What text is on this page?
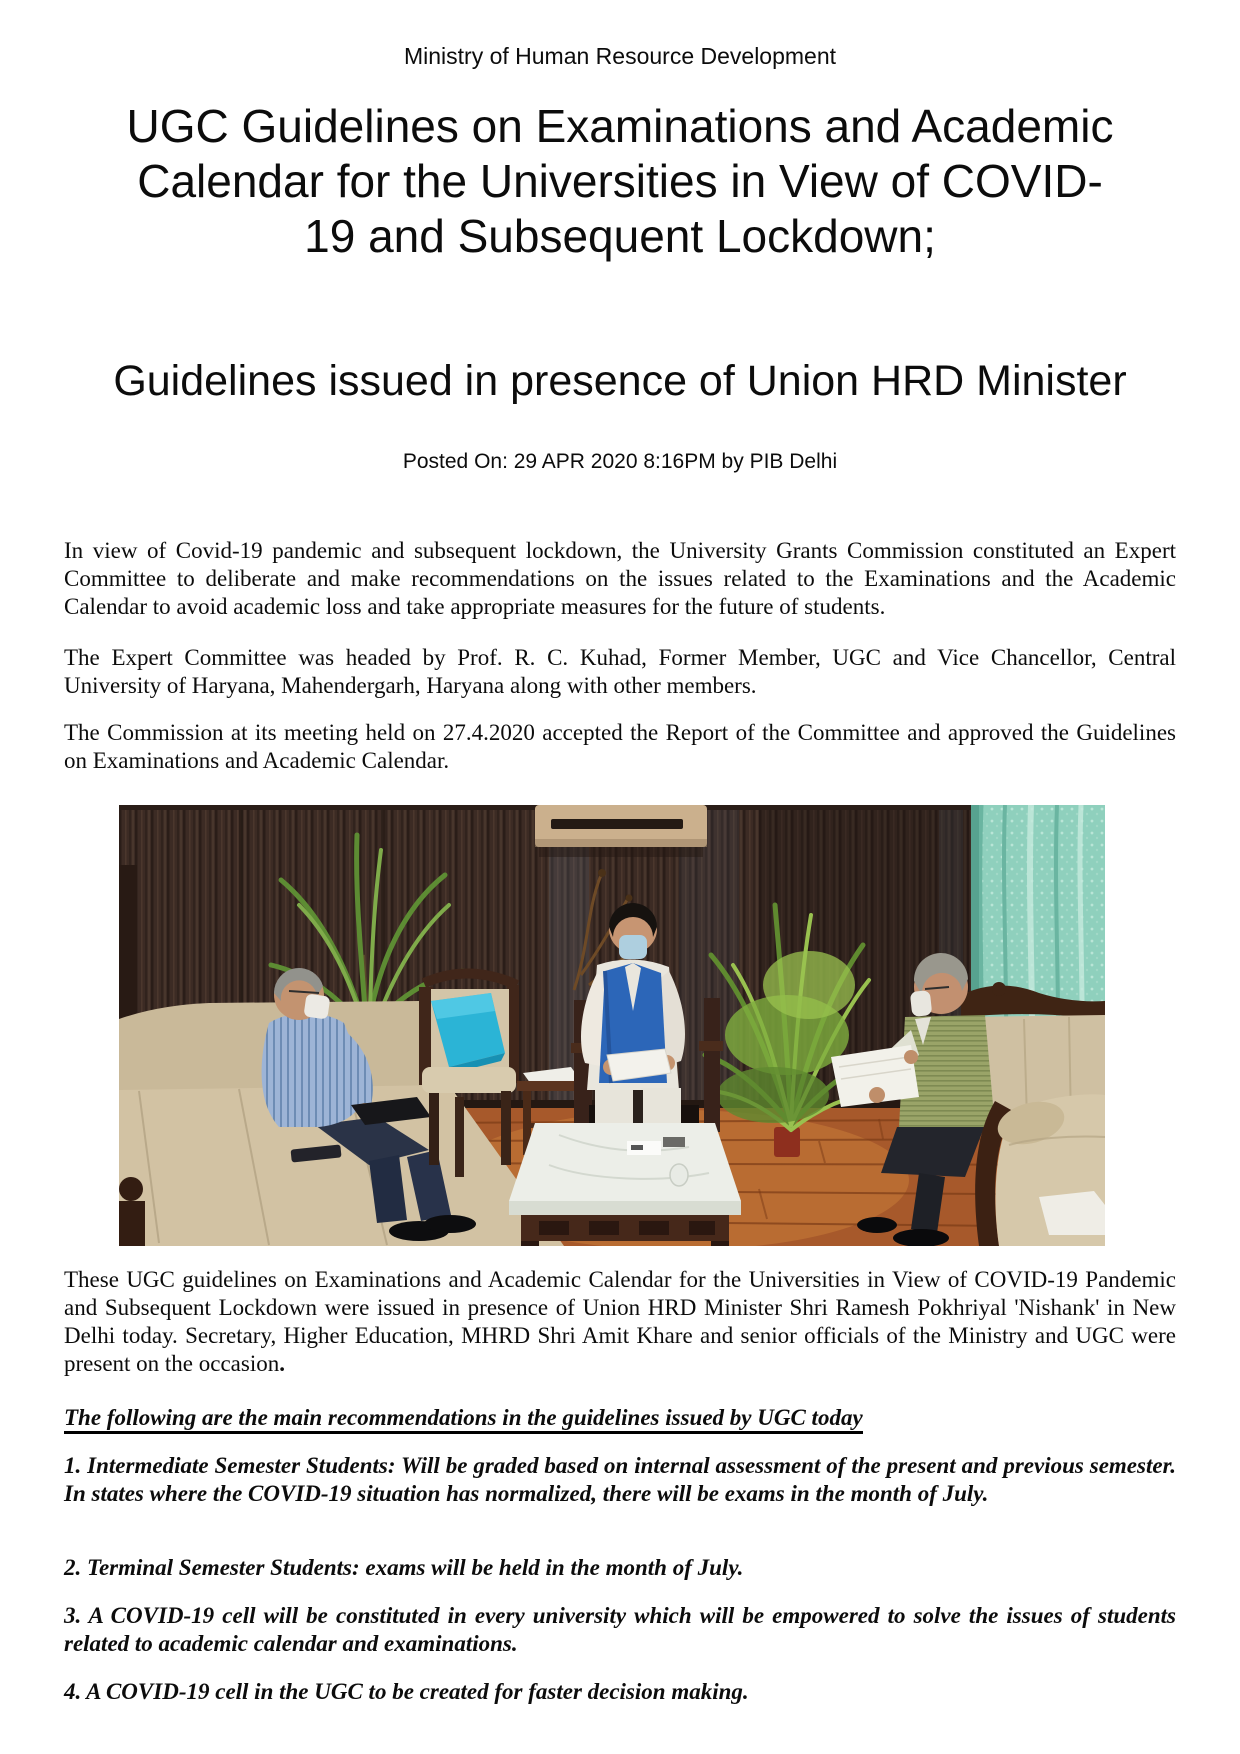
Ministry of Human Resource Development
UGC Guidelines on Examinations and Academic Calendar for the Universities in View of COVID-19 and Subsequent Lockdown;
Guidelines issued in presence of Union HRD Minister
Posted On: 29 APR 2020 8:16PM by PIB Delhi
In view of Covid-19 pandemic and subsequent lockdown, the University Grants Commission constituted an Expert Committee to deliberate and make recommendations on the issues related to the Examinations and the Academic Calendar to avoid academic loss and take appropriate measures for the future of students.
The Expert Committee was headed by Prof. R. C. Kuhad, Former Member, UGC and Vice Chancellor, Central University of Haryana, Mahendergarh, Haryana along with other members.
The Commission at its meeting held on 27.4.2020 accepted the Report of the Committee and approved the Guidelines on Examinations and Academic Calendar.
These UGC guidelines on Examinations and Academic Calendar for the Universities in View of COVID-19 Pandemic and Subsequent Lockdown were issued in presence of Union HRD Minister Shri Ramesh Pokhriyal 'Nishank' in New Delhi today. Secretary, Higher Education, MHRD Shri Amit Khare and senior officials of the Ministry and UGC were present on the occasion.
The following are the main recommendations in the guidelines issued by UGC today
1. Intermediate Semester Students: Will be graded based on internal assessment of the present and previous semester. In states where the COVID-19 situation has normalized, there will be exams in the month of July.
2. Terminal Semester Students: exams will be held in the month of July.
3. A COVID-19 cell will be constituted in every university which will be empowered to solve the issues of students related to academic calendar and examinations.
4. A COVID-19 cell in the UGC to be created for faster decision making.
